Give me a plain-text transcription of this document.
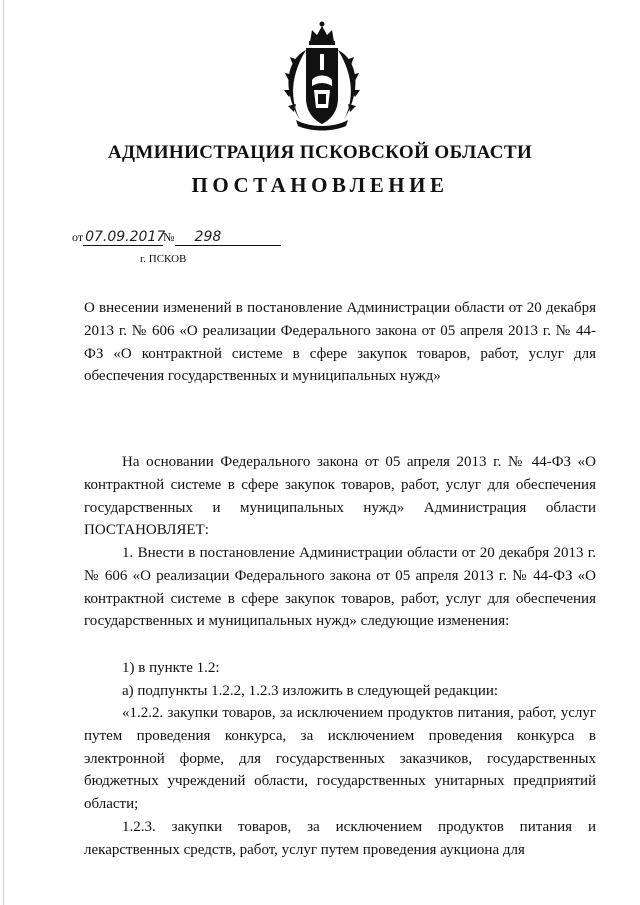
АДМИНИСТРАЦИЯ ПСКОВСКОЙ ОБЛАСТИ
ПОСТАНОВЛЕНИЕ
от 07.09.2017№ 298
г. ПСКОВ

О внесении изменений в постановление Администрации области от 20 декабря 2013 г. № 606 «О реализации Федерального закона от 05 апреля 2013 г. № 44-ФЗ «О контрактной системе в сфере закупок товаров, работ, услуг для обеспечения государственных и муниципальных нужд»

На основании Федерального закона от 05 апреля 2013 г. № 44-ФЗ «О контрактной системе в сфере закупок товаров, работ, услуг для обеспечения государственных и муниципальных нужд» Администрация области ПОСТАНОВЛЯЕТ:

1. Внести в постановление Администрации области от 20 декабря 2013 г. № 606 «О реализации Федерального закона от 05 апреля 2013 г. № 44-ФЗ «О контрактной системе в сфере закупок товаров, работ, услуг для обеспечения государственных и муниципальных нужд» следующие изменения:

1) в пункте 1.2:

а) подпункты 1.2.2, 1.2.3 изложить в следующей редакции:

«1.2.2. закупки товаров, за исключением продуктов питания, работ, услуг путем проведения конкурса, за исключением проведения конкурса в электронной форме, для государственных заказчиков, государственных бюджетных учреждений области, государственных унитарных предприятий области;

1.2.3. закупки товаров, за исключением продуктов питания и лекарственных средств, работ, услуг путем проведения аукциона для
